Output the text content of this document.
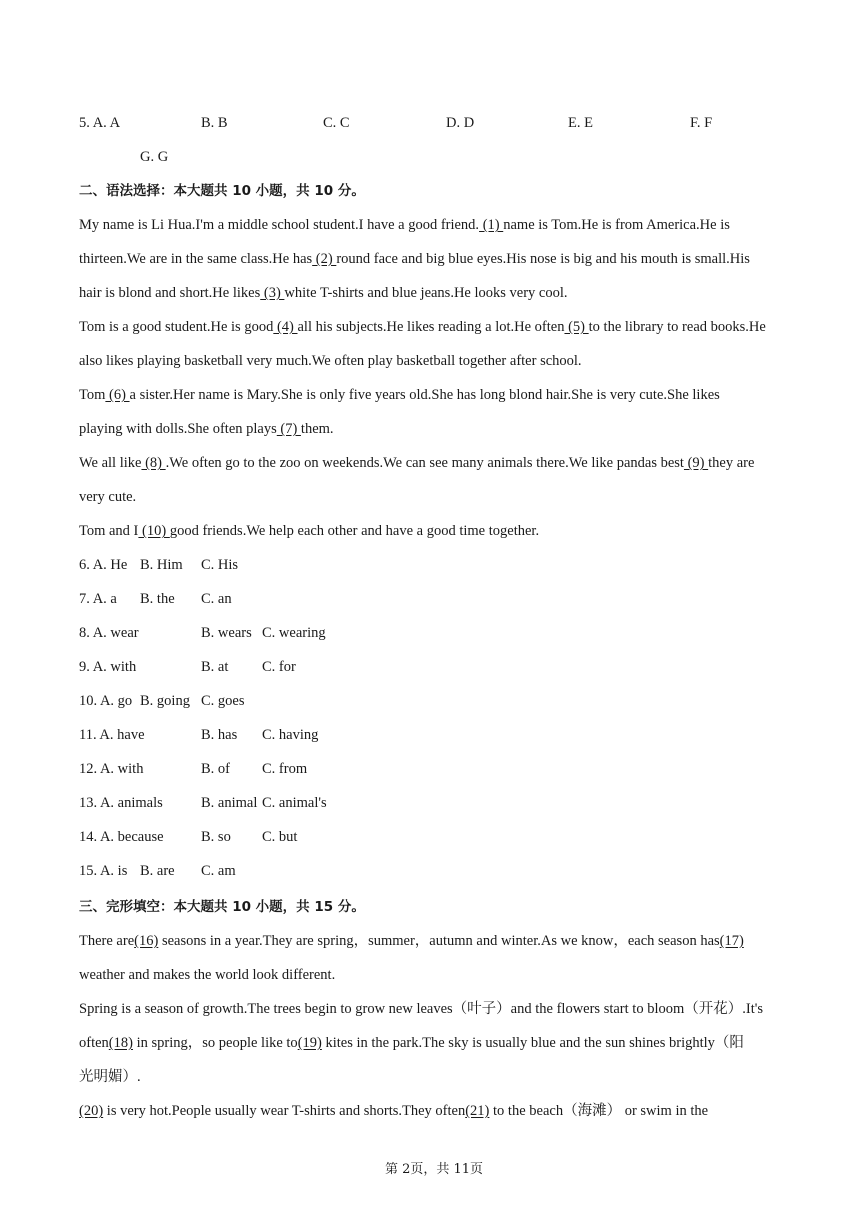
5. A. A	B. B	C. C	D. D	E. E	F. F
G. G
二、语法选择：本大题共 10 小题，共 10 分。
My name is Li Hua.I'm a middle school student.I have a good friend. (1) name is Tom.He is from America.He is
thirteen.We are in the same class.He has (2) round face and big blue eyes.His nose is big and his mouth is small.His
hair is blond and short.He likes (3) white T-shirts and blue jeans.He looks very cool.
Tom is a good student.He is good (4) all his subjects.He likes reading a lot.He often (5) to the library to read books.He
also likes playing basketball very much.We often play basketball together after school.
Tom (6) a sister.Her name is Mary.She is only five years old.She has long blond hair.She is very cute.She likes
playing with dolls.She often plays (7) them.
We all like (8) .We often go to the zoo on weekends.We can see many animals there.We like pandas best (9) they are
very cute.
Tom and I (10) good friends.We help each other and have a good time together.
6. A. He B. Him C. His
7. A. a B. the C. an
8. A. wear	B. wears C. wearing
9. A. with	B. at C. for
10. A. go B. going C. goes
11. A. have	B. has C. having
12. A. with	B. of C. from
13. A. animals	B. animal C. animal's
14. A. because	B. so C. but
15. A. is B. are C. am
三、完形填空：本大题共 10 小题，共 15 分。
There are(16) seasons in a year.They are spring，summer，autumn and winter.As we know，each season has(17)
weather and makes the world look different.
Spring is a season of growth.The trees begin to grow new leaves（叶子）and the flowers start to bloom（开花）.It's
often(18) in spring，so people like to(19) kites in the park.The sky is usually blue and the sun shines brightly（阳
光明媚）.
(20) is very hot.People usually wear T-shirts and shorts.They often(21) to the beach（海滩） or swim in the
第 2页，共 11页
